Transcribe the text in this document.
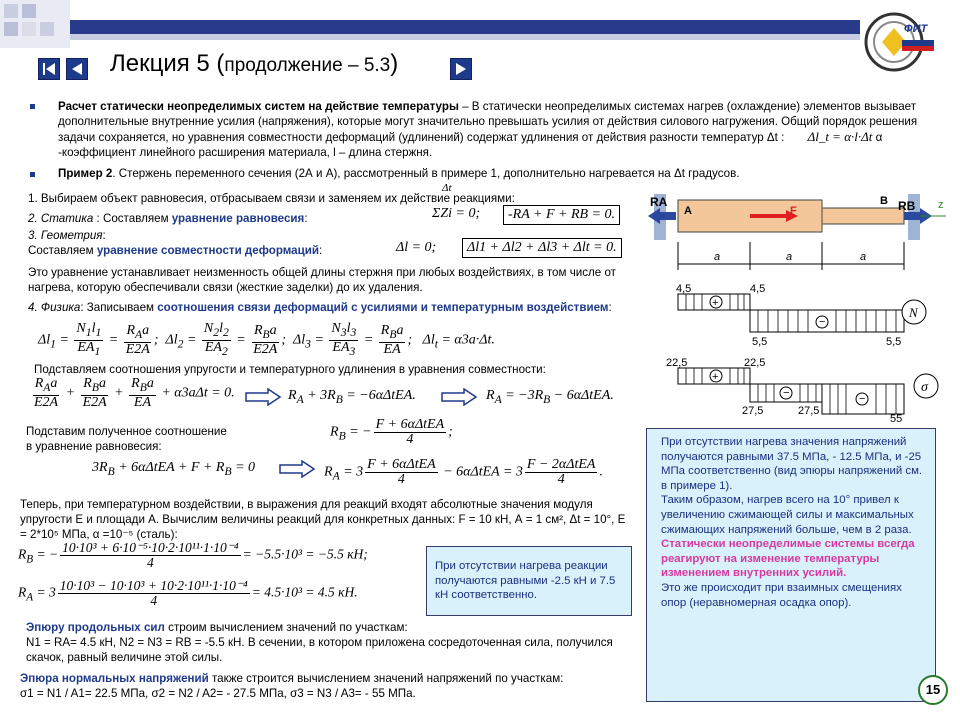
ФИТ
Лекция 5 (продолжение – 5.3)
Расчет статически неопределимых систем на действие температуры – В статически неопределимых системах нагрев (охлаждение) элементов вызывает дополнительные внутренние усилия (напряжения), которые могут значительно превышать усилия от действия силового нагружения. Общий порядок решения задачи сохраняется, но уравнения совместности деформаций (удлинений) содержат удлинения от действия разности температур Δt : Δl_t = α·l·Δt α -коэффициент линейного расширения материала, l – длина стержня.
Пример 2. Стержень переменного сечения (2А и А), рассмотренный в примере 1, дополнительно нагревается на Δt градусов.
1. Выбираем объект равновесия, отбрасываем связи и заменяем их действие реакциями:
Δt
2. Статика : Составляем уравнение равновесия:	ΣZi = 0;	-RA + F + RB = 0.
3. Геометрия:
Составляем уравнение совместности деформаций:	Δl = 0;	Δl1 + Δl2 + Δl3 + Δlt = 0.
Это уравнение устанавливает неизменность общей длины стержня при любых воздействиях, в том числе от нагрева, которую обеспечивали связи (жесткие заделки) до их удаления.
4. Физика: Записываем соотношения связи деформаций с усилиями и температурным воздействием:
$\Delta l_1 = \frac{N_1l_1}{EA_1} = \frac{R_Aa}{E2A}$ ;  $\Delta l_2 = \frac{N_2l_2}{EA_2} = \frac{R_Ba}{E2A}$ ;  $\Delta l_3 = \frac{N_3l_3}{EA_3} = \frac{R_Ba}{EA}$ ;   $\Delta l_t = \alpha 3a\cdot\Delta t$.
Подставляем соотношения упругости и температурного удлинения в уравнения совместности:
$\frac{R_Aa}{E2A} + \frac{R_Ba}{E2A} + \frac{R_Ba}{EA} + \alpha 3a\Delta t = 0$.	$R_A + 3R_B = -6\alpha\Delta tEA$.	$R_A = -3R_B - 6\alpha\Delta tEA$.
Подставим полученное соотношение
в уравнение равновесия:
$R_B$ = − $\frac{\text{F + 6αΔtEA}}{4}$ ;
$3R_B + 6\alpha\Delta tEA + F + R_B = 0$	$R_A = 3 \frac{\text{F + 6αΔtEA}}{4} - 6\alpha\Delta tEA = 3 \frac{\text{F − 2αΔtEA}}{4}$ .
Теперь, при температурном воздействии, в выражения для реакций входят абсолютные значения модуля упругости Е и площади А. Вычислим величины реакций для конкретных данных: F = 10 кН, А = 1 см², Δt = 10°, Е = 2*10⁵ МПа, α =10⁻⁵ (сталь):
$R_B$ = − $\frac{\text{10·10³ + 6·10⁻⁵·10·2·10¹¹·1·10⁻⁴}}{4} = -5.5\cdot 10^3 = -5.5$ кН;
$R_A = 3 \frac{\text{10·10³ − 10·10³ + 10·2·10¹¹·1·10⁻⁴}}{4} = 4.5\cdot 10^3 = 4.5$ кН.
При отсутствии нагрева реакции получаются равными -2.5 кН и 7.5 кН соответственно.
Эпюру продольных сил строим вычислением значений по участкам:
N1 = RA= 4.5 кН, N2 = N3 = RB = -5.5 кН. В сечении, в котором приложена сосредоточенная сила, получился скачок, равный величине этой силы.
Эпюра нормальных напряжений также строится вычислением значений напряжений по участкам:
σ1 = N1 / A1= 22.5 МПа, σ2 = N2 / A2= - 27.5 МПа, σ3 = N3 / A3= - 55 МПа.
При отсутствии нагрева значения напряжений получаются равными 37.5 МПа, - 12.5 МПа, и -25 МПа соответственно (вид эпюры напряжений см. в примере 1).
Таким образом, нагрев всего на 10° привел к увеличению сжимающей силы и максимальных сжимающих напряжений больше, чем в 2 раза.
Статически неопределимые системы всегда реагируют на изменение температуры изменением внутренних усилий.
Это же происходит при взаимных смещениях опор (неравномерная осадка опор).
RA
A	F
B RB z
a	a	a
+
−
N
4,5	4,5
5,5	5,5
+
−	−
σ
22,5	22,5
27,5	27,5
55
15
